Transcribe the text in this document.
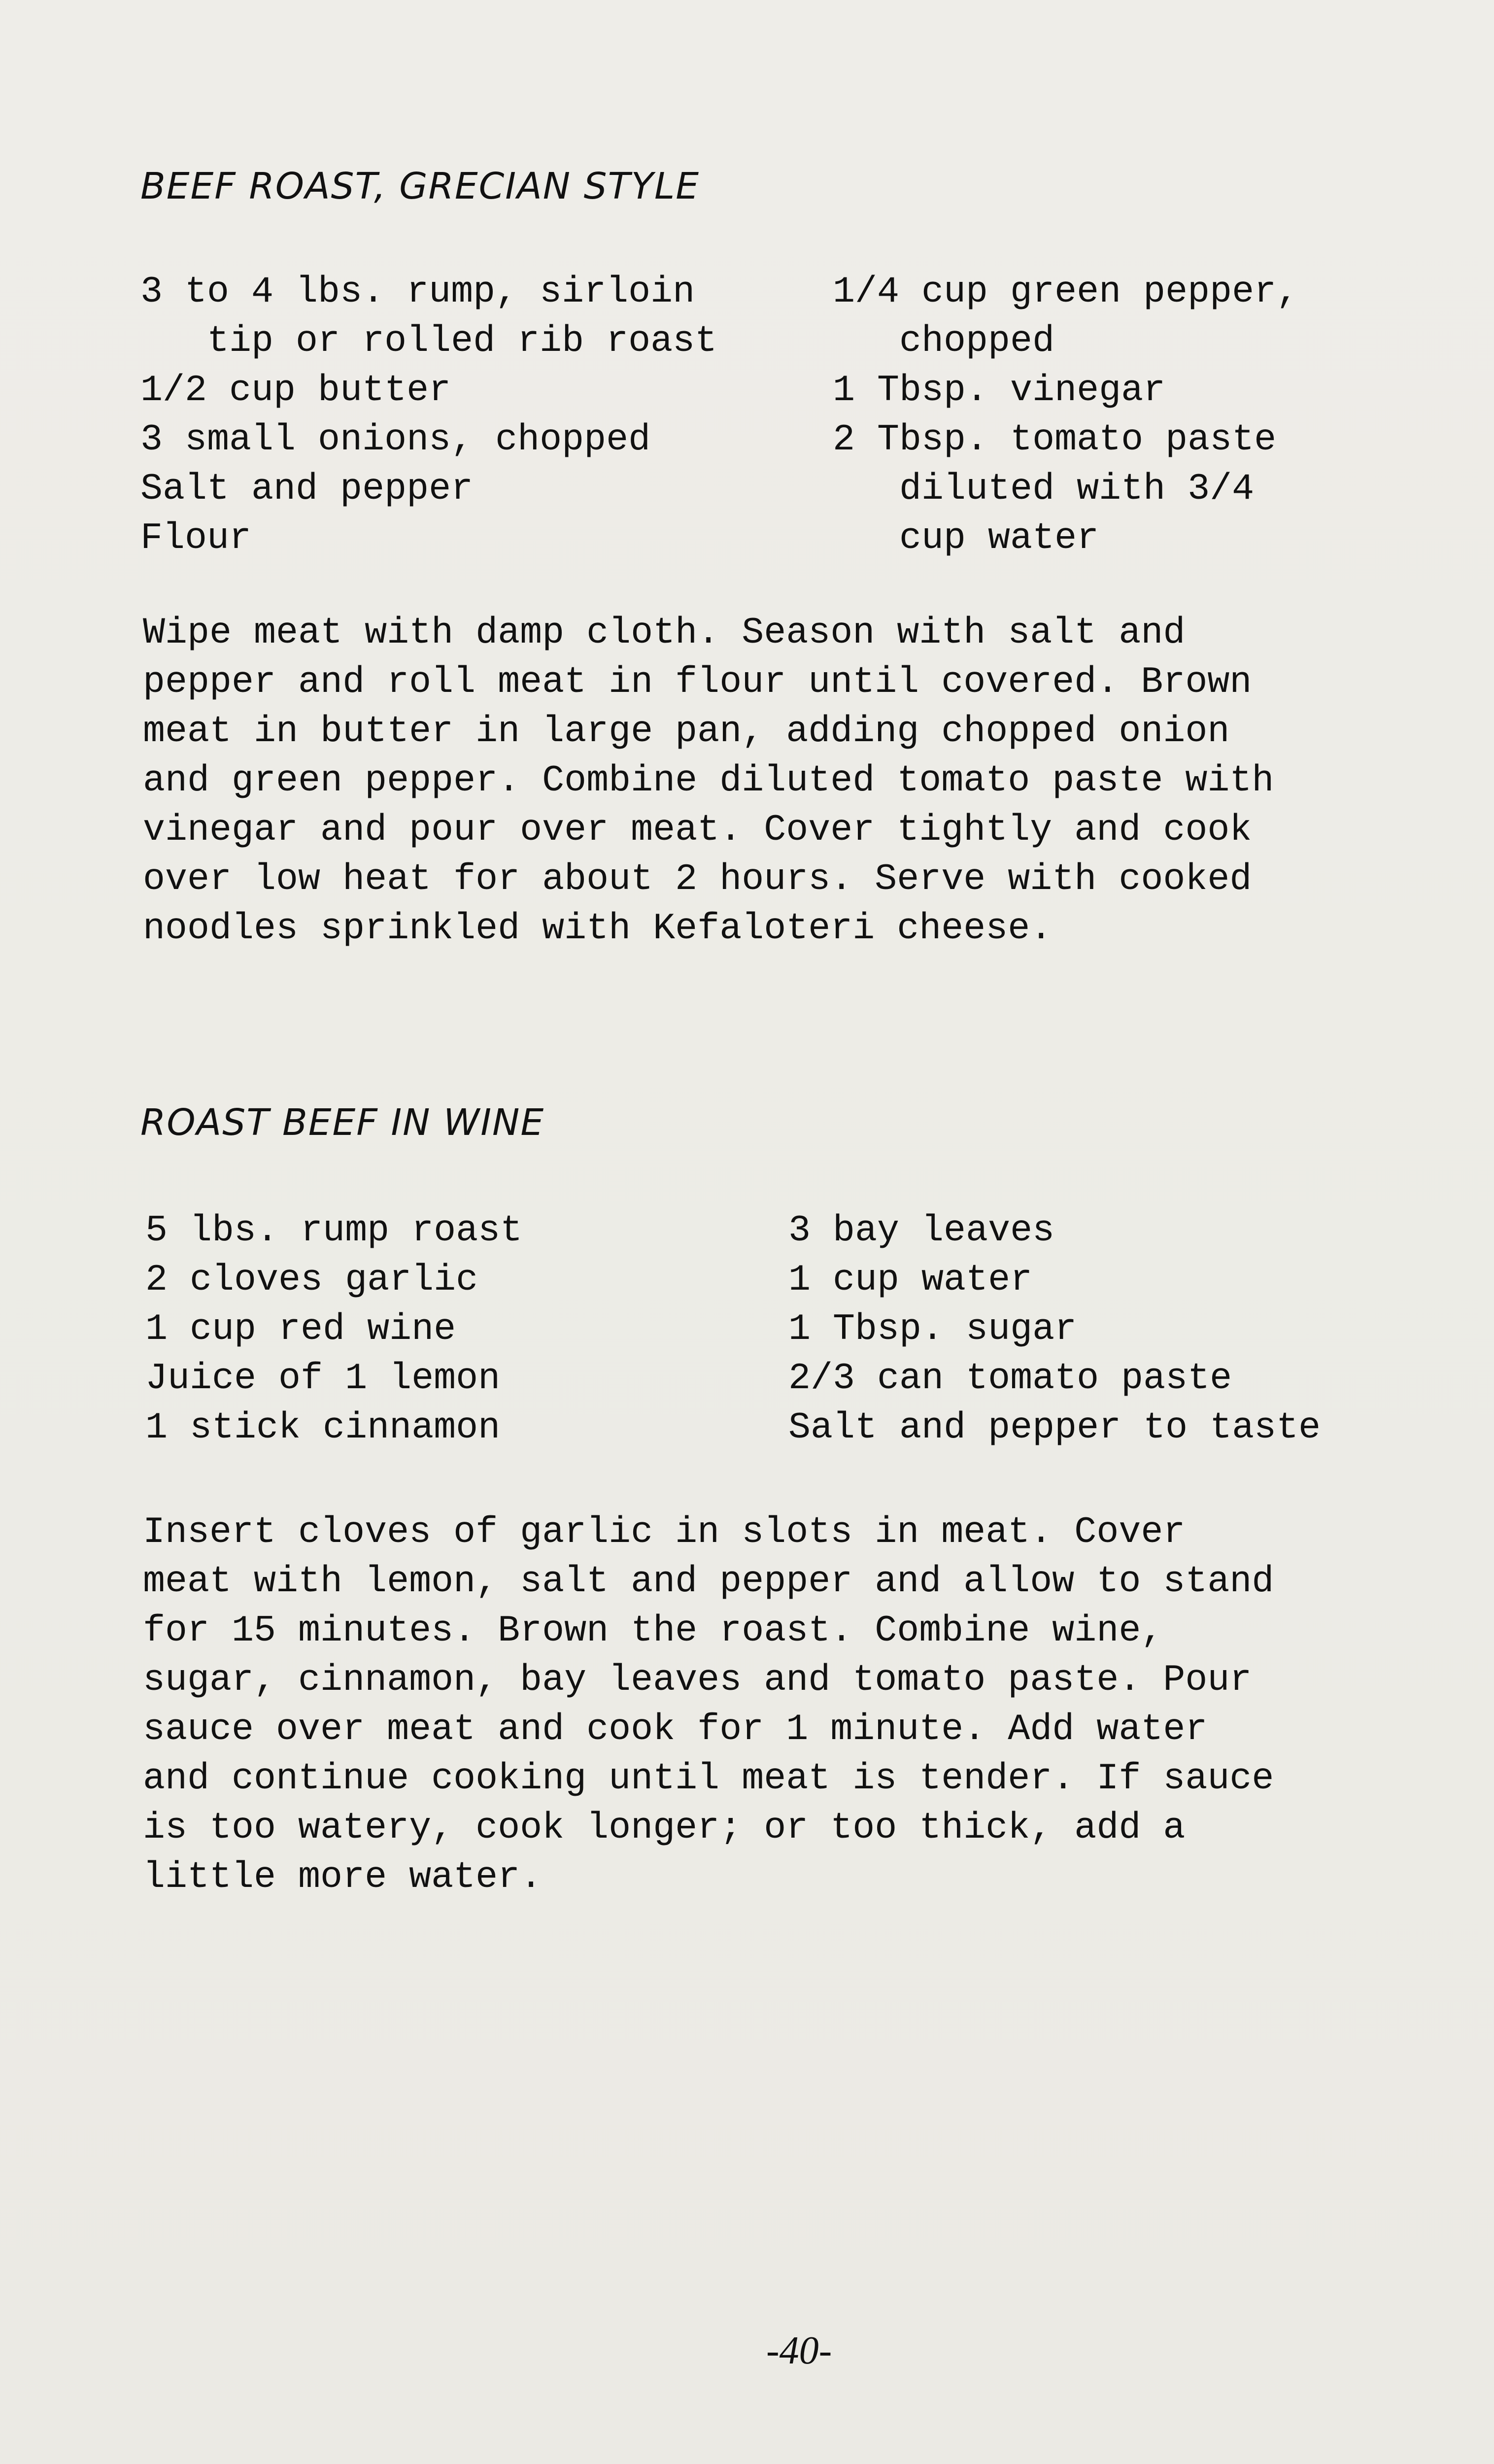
BEEF ROAST, GRECIAN STYLE
3 to 4 lbs. rump, sirloin
tip or rolled rib roast
1/2 cup butter
3 small onions, chopped
Salt and pepper
Flour
1/4 cup green pepper,
chopped
1 Tbsp. vinegar
2 Tbsp. tomato paste
diluted with 3/4
cup water
Wipe meat with damp cloth. Season with salt and
pepper and roll meat in flour until covered. Brown
meat in butter in large pan, adding chopped onion
and green pepper. Combine diluted tomato paste with
vinegar and pour over meat. Cover tightly and cook
over low heat for about 2 hours. Serve with cooked
noodles sprinkled with Kefaloteri cheese.
ROAST BEEF IN WINE
5 lbs. rump roast
2 cloves garlic
1 cup red wine
Juice of 1 lemon
1 stick cinnamon
3 bay leaves
1 cup water
1 Tbsp. sugar
2/3 can tomato paste
Salt and pepper to taste
Insert cloves of garlic in slots in meat. Cover
meat with lemon, salt and pepper and allow to stand
for 15 minutes. Brown the roast. Combine wine,
sugar, cinnamon, bay leaves and tomato paste. Pour
sauce over meat and cook for 1 minute. Add water
and continue cooking until meat is tender. If sauce
is too watery, cook longer; or too thick, add a
little more water.
-40-
